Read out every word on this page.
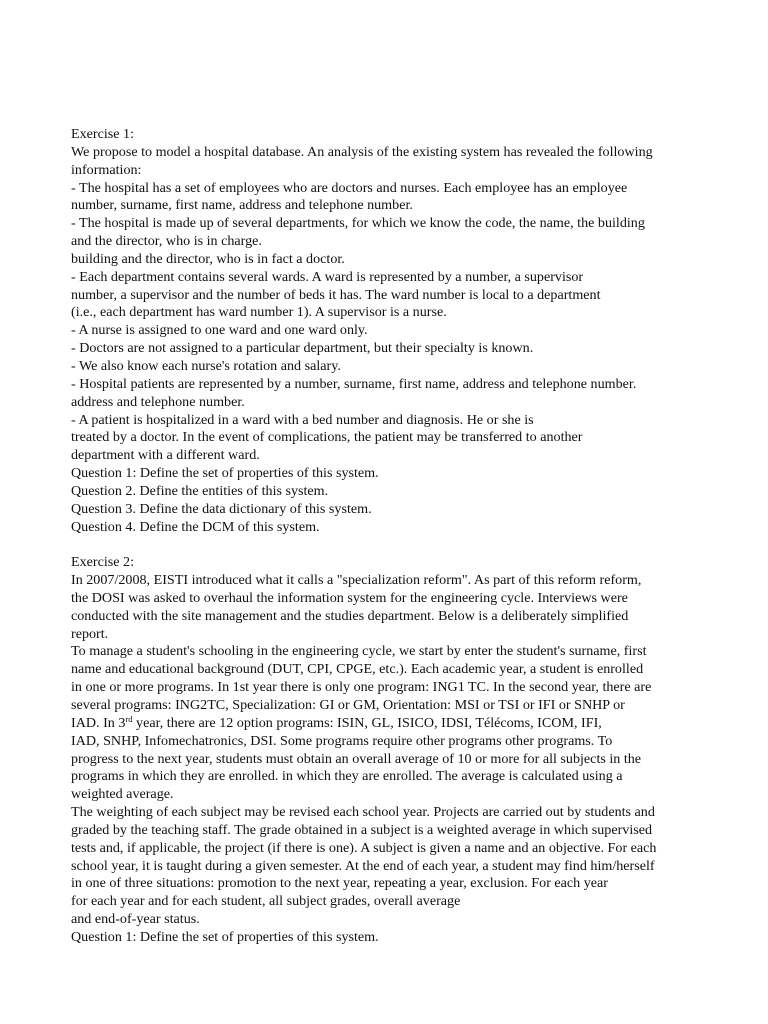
Exercise 1:
We propose to model a hospital database. An analysis of the existing system has revealed the following
information:
- The hospital has a set of employees who are doctors and nurses. Each employee has an employee
number, surname, first name, address and telephone number.
- The hospital is made up of several departments, for which we know the code, the name, the building
and the director, who is in charge.
building and the director, who is in fact a doctor.
- Each department contains several wards. A ward is represented by a number, a supervisor
number, a supervisor and the number of beds it has. The ward number is local to a department
(i.e., each department has ward number 1). A supervisor is a nurse.
- A nurse is assigned to one ward and one ward only.
- Doctors are not assigned to a particular department, but their specialty is known.
- We also know each nurse's rotation and salary.
- Hospital patients are represented by a number, surname, first name, address and telephone number.
address and telephone number.
- A patient is hospitalized in a ward with a bed number and diagnosis. He or she is
treated by a doctor. In the event of complications, the patient may be transferred to another
department with a different ward.
Question 1: Define the set of properties of this system.
Question 2. Define the entities of this system.
Question 3. Define the data dictionary of this system.
Question 4. Define the DCM of this system.
Exercise 2:
In 2007/2008, EISTI introduced what it calls a "specialization reform". As part of this reform reform,
the DOSI was asked to overhaul the information system for the engineering cycle. Interviews were
conducted with the site management and the studies department. Below is a deliberately simplified
report.
To manage a student's schooling in the engineering cycle, we start by enter the student's surname, first
name and educational background (DUT, CPI, CPGE, etc.). Each academic year, a student is enrolled
in one or more programs. In 1st year there is only one program: ING1 TC. In the second year, there are
several programs: ING2TC, Specialization: GI or GM, Orientation: MSI or TSI or IFI or SNHP or
IAD. In 3rd year, there are 12 option programs: ISIN, GL, ISICO, IDSI, Télécoms, ICOM, IFI,
IAD, SNHP, Infomechatronics, DSI. Some programs require other programs other programs. To
progress to the next year, students must obtain an overall average of 10 or more for all subjects in the
programs in which they are enrolled. in which they are enrolled. The average is calculated using a
weighted average.
The weighting of each subject may be revised each school year. Projects are carried out by students and
graded by the teaching staff. The grade obtained in a subject is a weighted average in which supervised
tests and, if applicable, the project (if there is one). A subject is given a name and an objective. For each
school year, it is taught during a given semester. At the end of each year, a student may find him/herself
in one of three situations: promotion to the next year, repeating a year, exclusion. For each year
for each year and for each student, all subject grades, overall average
and end-of-year status.
Question 1: Define the set of properties of this system.
